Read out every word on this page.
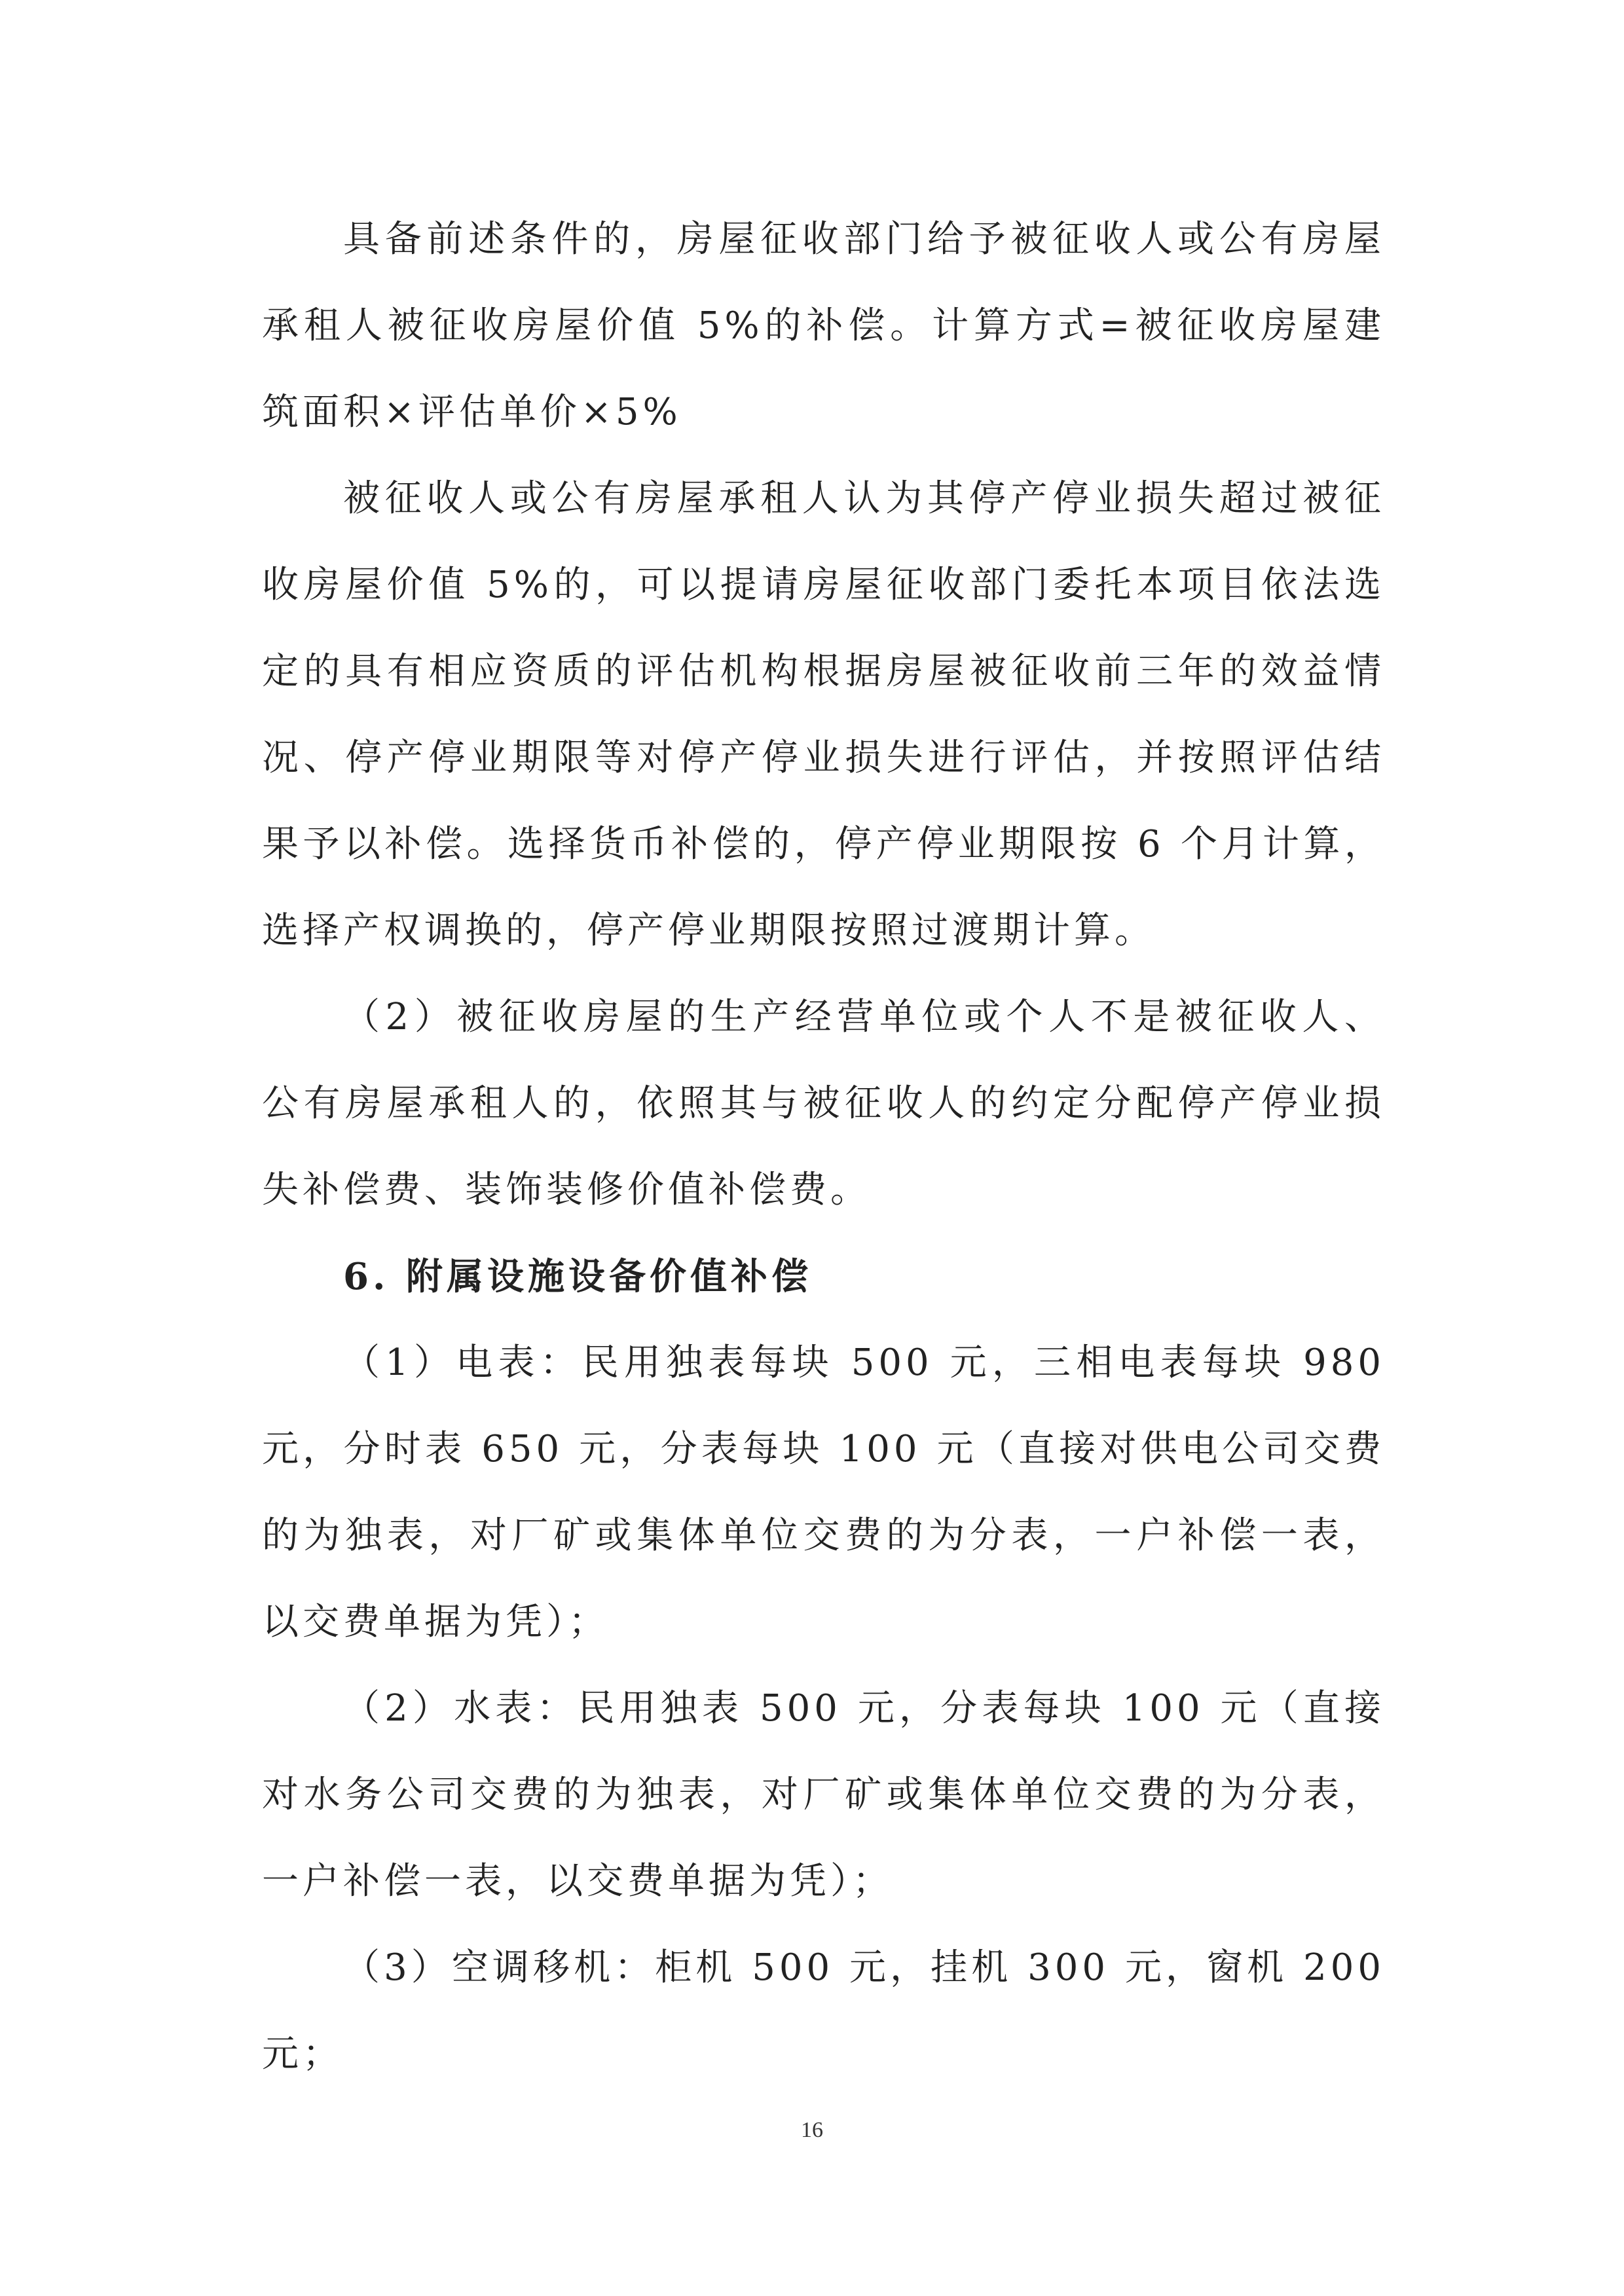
具备前述条件的，房屋征收部门给予被征收人或公有房屋承租人被征收房屋价值 5%的补偿。计算方式=被征收房屋建筑面积×评估单价×5%

被征收人或公有房屋承租人认为其停产停业损失超过被征收房屋价值 5%的，可以提请房屋征收部门委托本项目依法选定的具有相应资质的评估机构根据房屋被征收前三年的效益情况、停产停业期限等对停产停业损失进行评估，并按照评估结果予以补偿。选择货币补偿的，停产停业期限按 6 个月计算，选择产权调换的，停产停业期限按照过渡期计算。

（2）被征收房屋的生产经营单位或个人不是被征收人、公有房屋承租人的，依照其与被征收人的约定分配停产停业损失补偿费、装饰装修价值补偿费。

6. 附属设施设备价值补偿

（1）电表：民用独表每块 500 元，三相电表每块 980 元，分时表 650 元，分表每块 100 元（直接对供电公司交费的为独表，对厂矿或集体单位交费的为分表，一户补偿一表，以交费单据为凭）；

（2）水表：民用独表 500 元，分表每块 100 元（直接对水务公司交费的为独表，对厂矿或集体单位交费的为分表，一户补偿一表，以交费单据为凭）；

（3）空调移机：柜机 500 元，挂机 300 元，窗机 200 元；

16
